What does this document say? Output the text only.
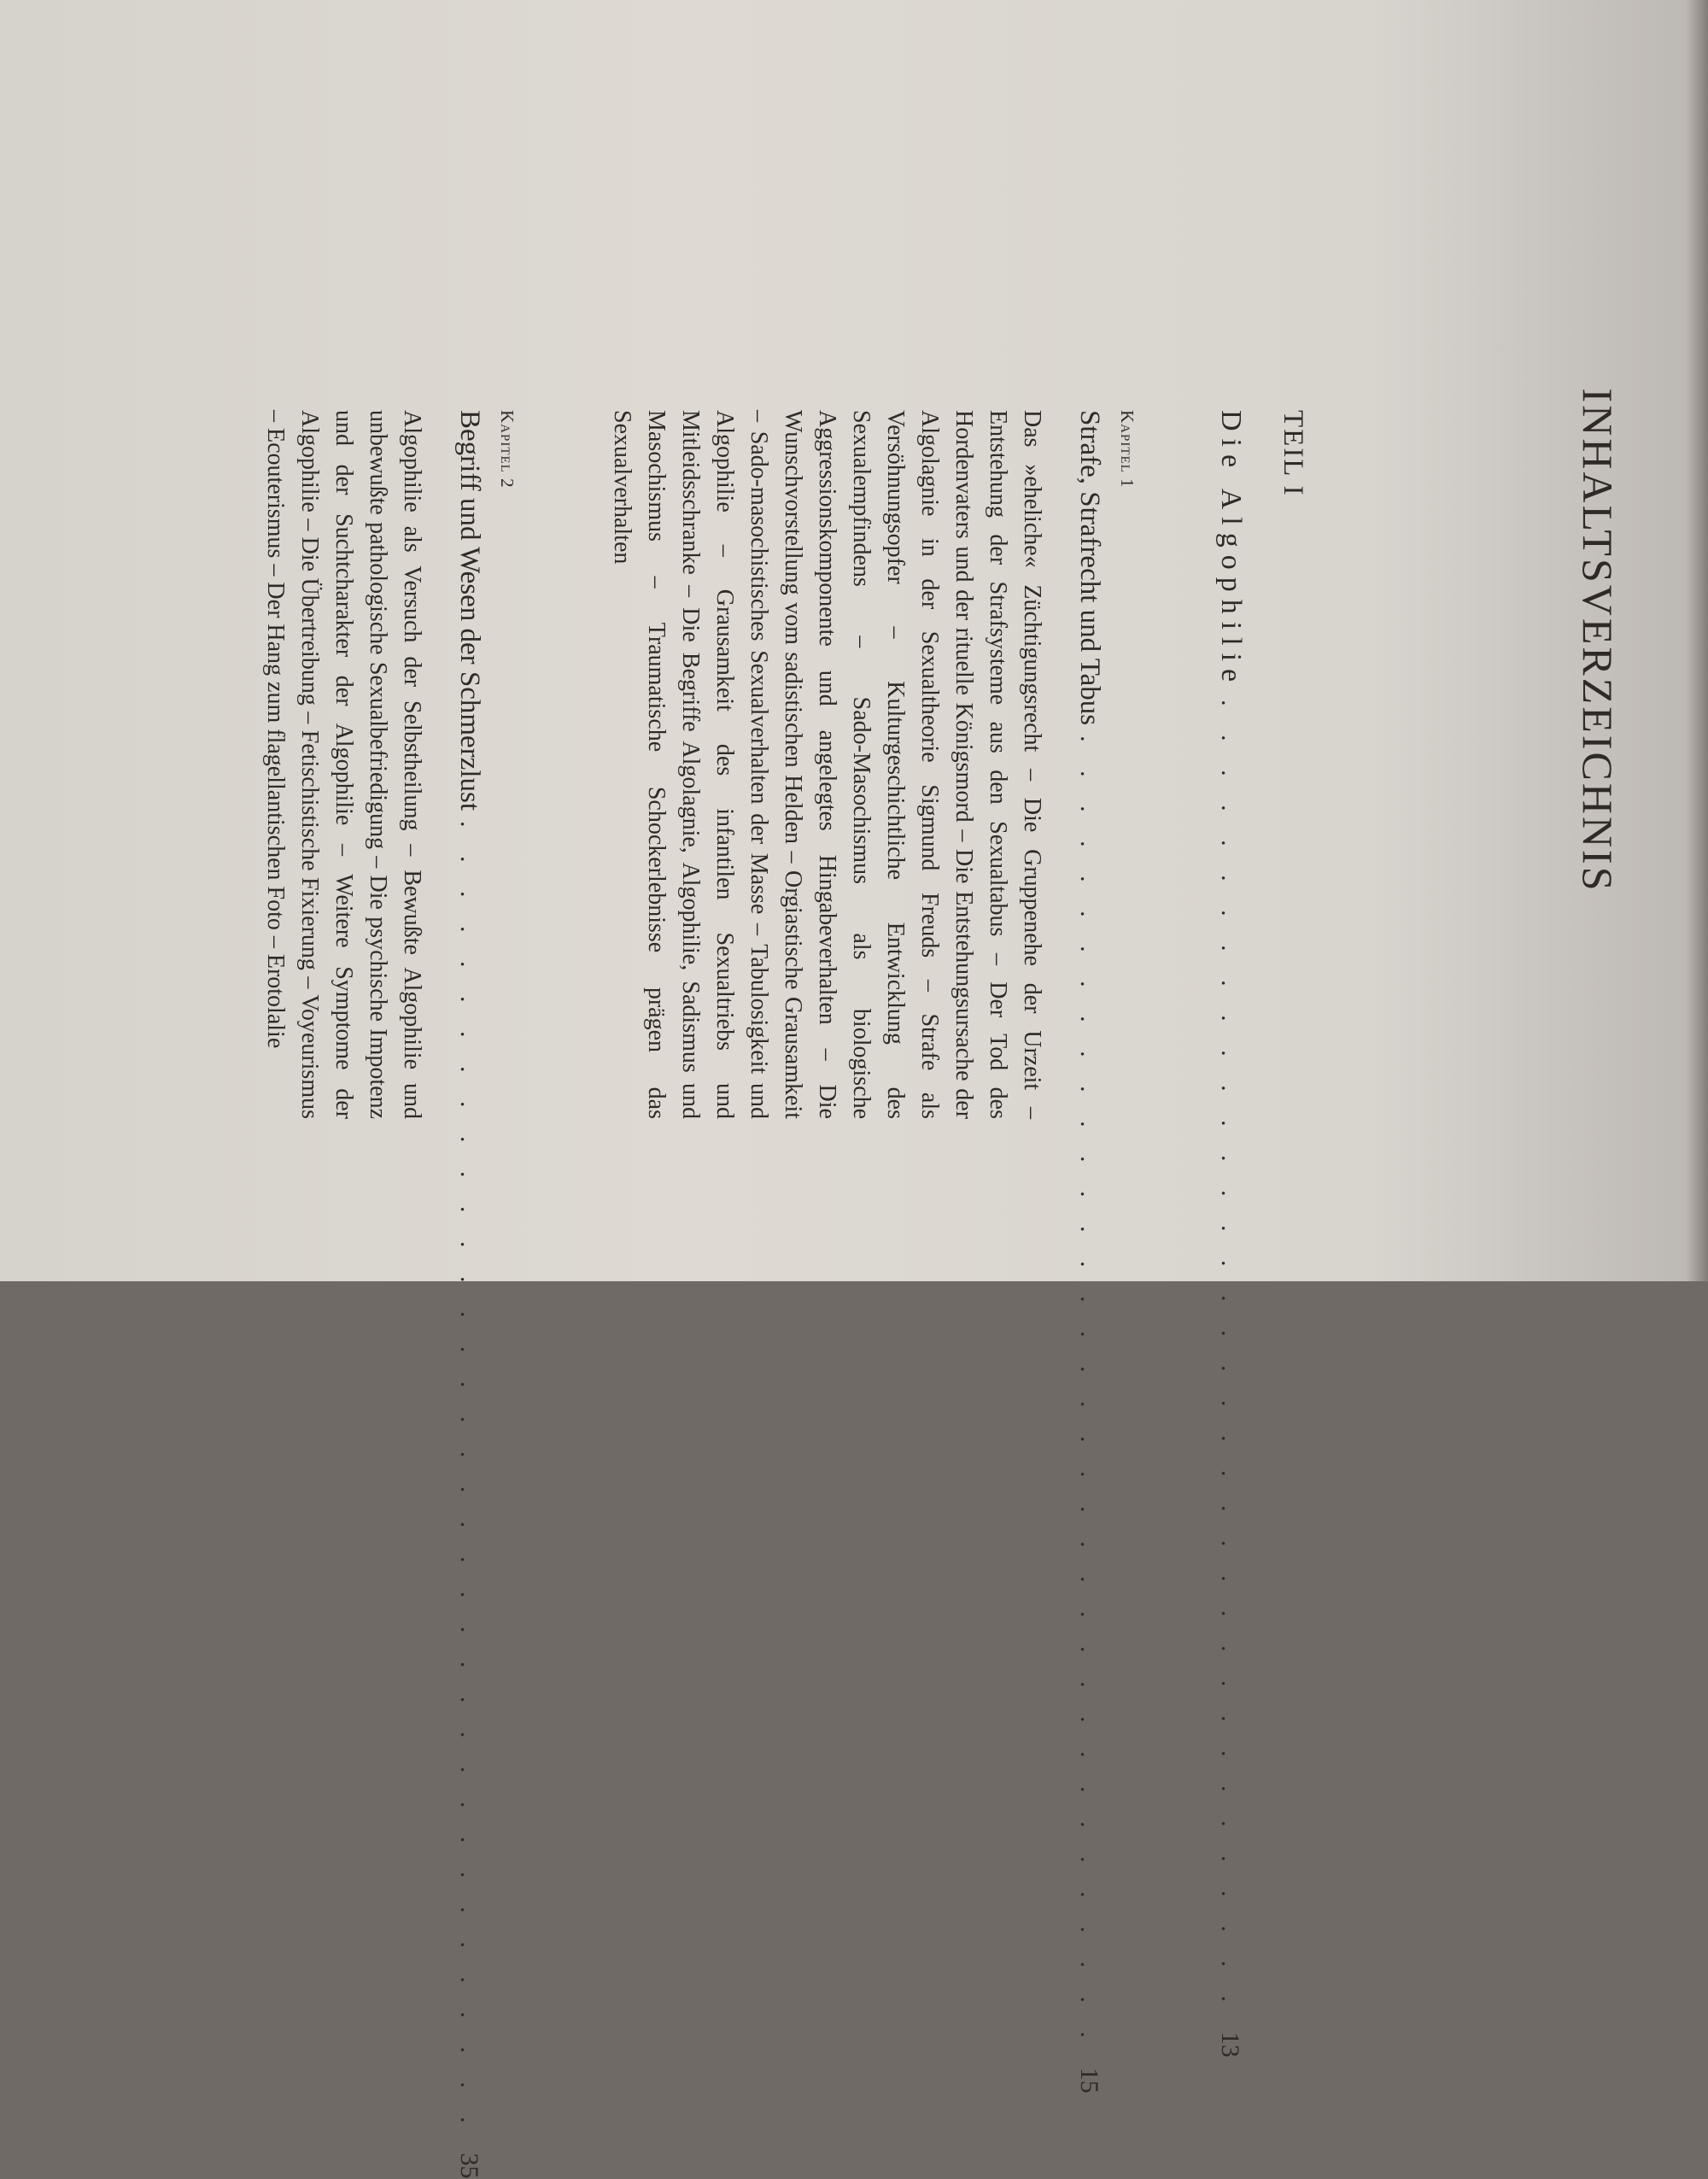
INHALTSVERZEICHNIS
TEIL I
Die Algophilie
. . . . . . . . . . . . . . . . . . . . . . . . . . . . . . . . . . . . . .
13
Kapitel 1
Strafe, Strafrecht und Tabus
. . . . . . . . . . . . . . . . . . . . . . . . . . . . . . . . . . . . . .
15

Das »eheliche« Züchtigungsrecht – Die Gruppenehe der Urzeit – Entstehung der Strafsysteme aus den Sexualtabus – Der Tod des Hordenvaters und der rituelle Königsmord – Die Entstehungsursache der Algolagnie in der Sexualtheorie Sigmund Freuds – Strafe als Versöhnungsopfer – Kulturgeschichtliche Entwicklung des Sexualempfindens – Sado-Masochismus als biologische Aggressionskomponente und angelegtes Hingabeverhalten – Die Wunschvorstellung vom sadistischen Helden – Orgiastische Grausamkeit – Sado-masochistisches Sexualverhalten der Masse – Tabulosigkeit und Algophilie – Grausamkeit des infantilen Sexualtriebs und Mitleidsschranke – Die Begriffe Algolagnie, Algophilie, Sadismus und Masochismus – Traumatische Schockerlebnisse prägen das Sexualverhalten

Kapitel 2
Begriff und Wesen der Schmerzlust
. . . . . . . . . . . . . . . . . . . . . . . . . . . . . . . . . . . . . .
35

Algophilie als Versuch der Selbstheilung – Bewußte Algophilie und unbewußte pathologische Sexualbefriedigung – Die psychische Impotenz und der Suchtcharakter der Algophilie – Weitere Symptome der Algophilie – Die Übertreibung – Fetischistische Fixierung – Voyeurismus – Ecouterismus – Der Hang zum flagellantischen Foto – Erotolalie
